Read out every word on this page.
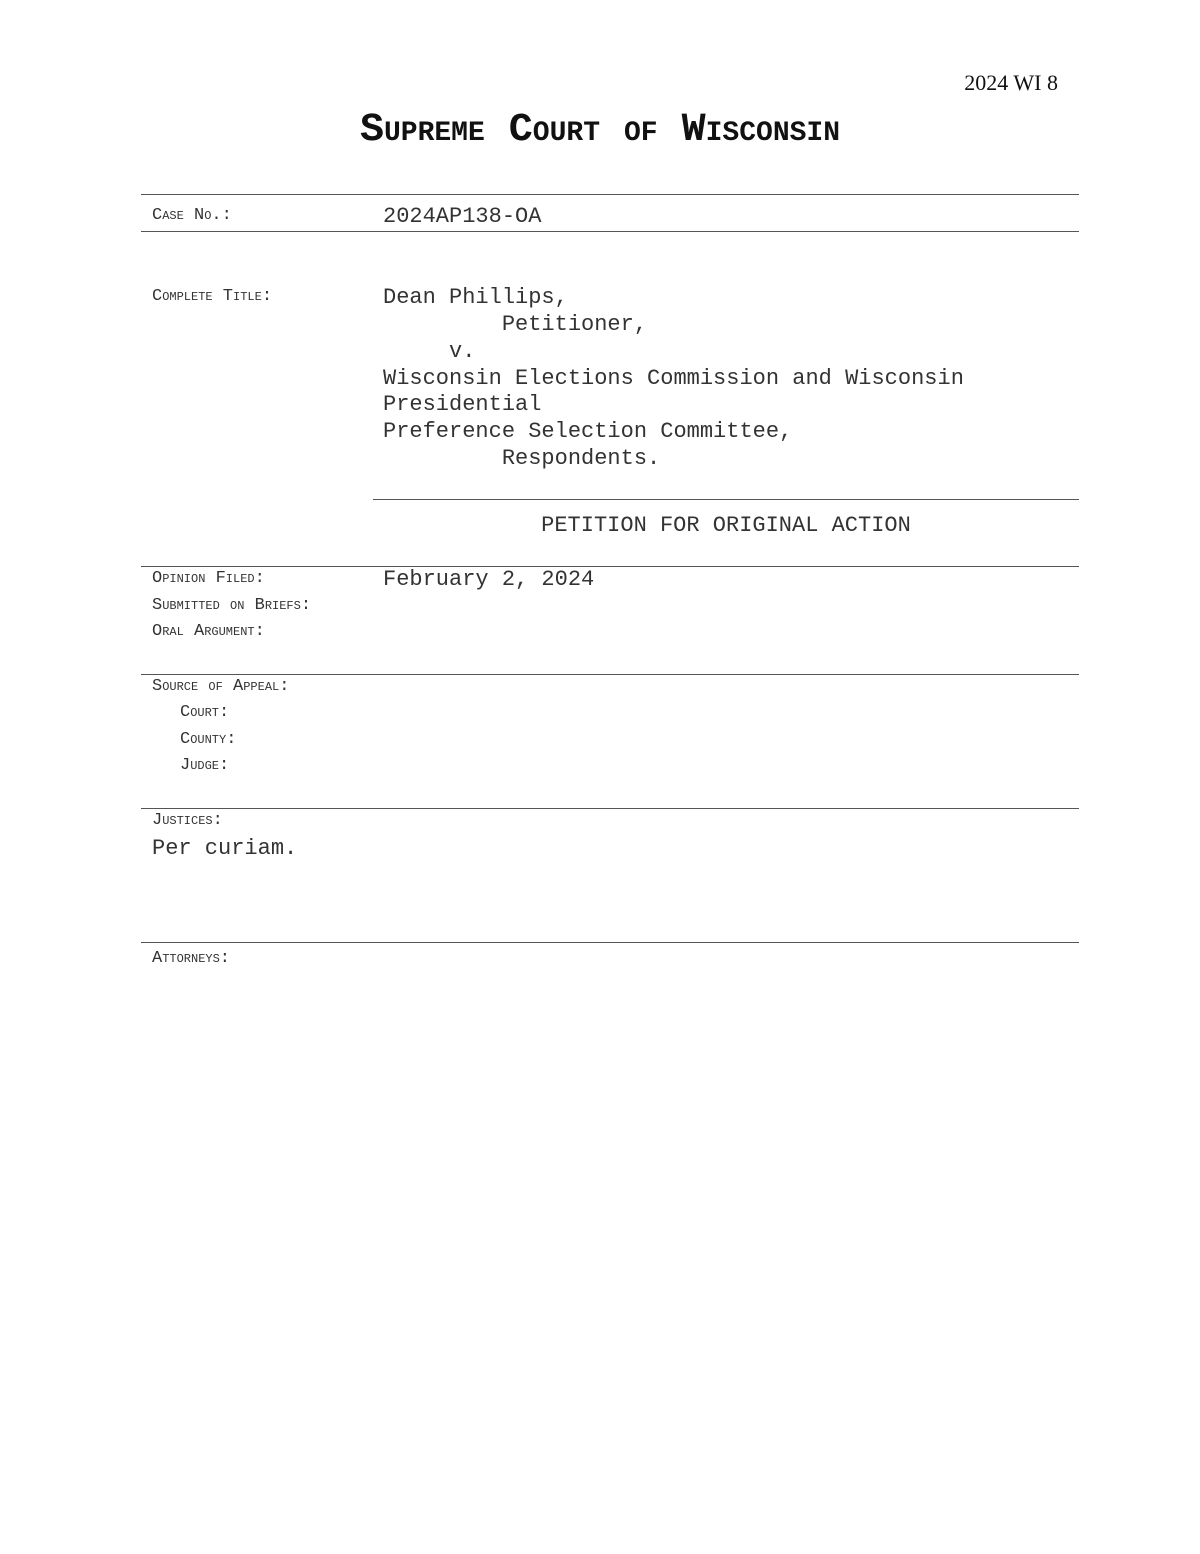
2024 WI 8
Supreme Court of Wisconsin
Case No.:	2024AP138-OA
Complete Title:	Dean Phillips,
Petitioner,
v.
Wisconsin Elections Commission and Wisconsin
Presidential
Preference Selection Committee,
Respondents.
PETITION FOR ORIGINAL ACTION
Opinion Filed:	February 2, 2024
Submitted on Briefs:
Oral Argument:
Source of Appeal:
Court:
County:
Judge:
Justices:
Per curiam.
Attorneys:
